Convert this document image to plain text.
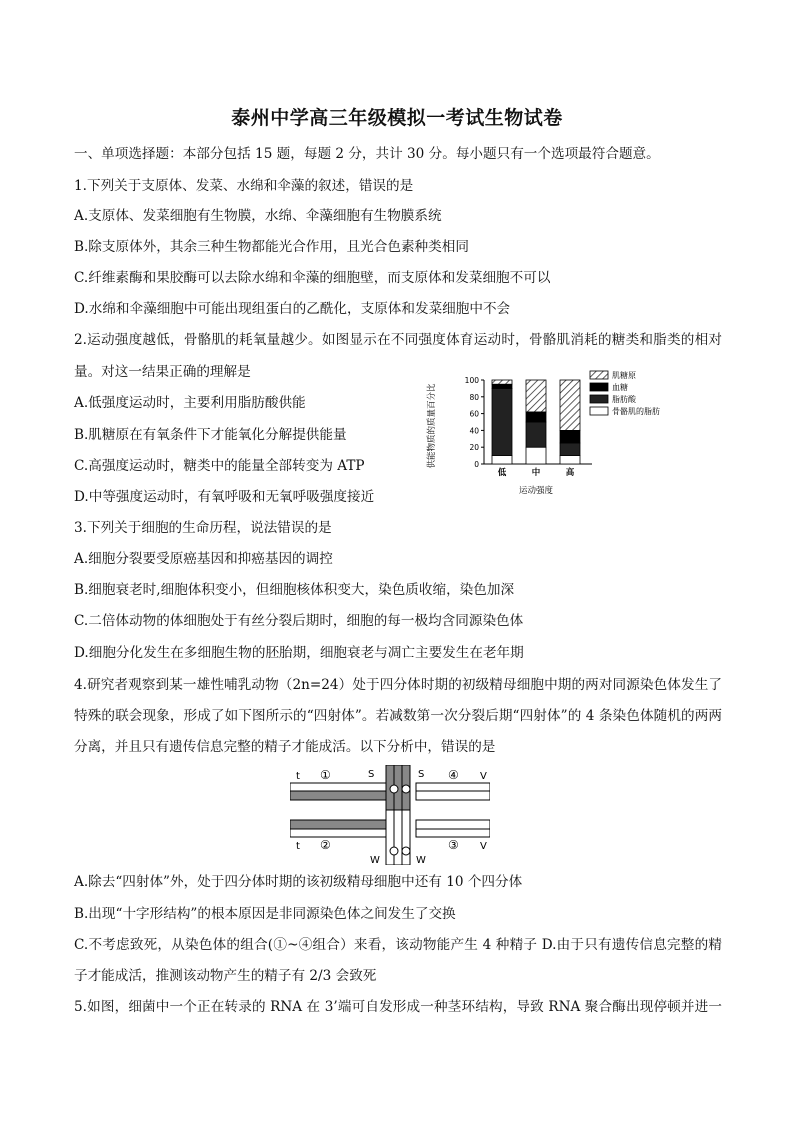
泰州中学高三年级模拟一考试生物试卷
一、单项选择题：本部分包括 15 题，每题 2 分，共计 30 分。每小题只有一个选项最符合题意。
1.下列关于支原体、发菜、水绵和伞藻的叙述，错误的是
A.支原体、发菜细胞有生物膜，水绵、伞藻细胞有生物膜系统
B.除支原体外，其余三种生物都能光合作用，且光合色素种类相同
C.纤维素酶和果胶酶可以去除水绵和伞藻的细胞壁，而支原体和发菜细胞不可以
D.水绵和伞藻细胞中可能出现组蛋白的乙酰化，支原体和发菜细胞中不会
2.运动强度越低，骨骼肌的耗氧量越少。如图显示在不同强度体育运动时，骨骼肌消耗的糖类和脂类的相对
量。对这一结果正确的理解是
A.低强度运动时，主要利用脂肪酸供能
B.肌糖原在有氧条件下才能氧化分解提供能量
C.高强度运动时，糖类中的能量全部转变为 ATP
D.中等强度运动时，有氧呼吸和无氧呼吸强度接近
供能物质的质量百分比	0
20
40
60
80
100
低	中	高
运动强度
肌糖原
血糖
脂肪酸
骨骼肌的脂肪
3.下列关于细胞的生命历程，说法错误的是
A.细胞分裂要受原癌基因和抑癌基因的调控
B.细胞衰老时,细胞体积变小，但细胞核体积变大，染色质收缩，染色加深
C.二倍体动物的体细胞处于有丝分裂后期时，细胞的每一极均含同源染色体
D.细胞分化发生在多细胞生物的胚胎期，细胞衰老与凋亡主要发生在老年期
4.研究者观察到某一雄性哺乳动物（2n=24）处于四分体时期的初级精母细胞中期的两对同源染色体发生了
特殊的联会现象，形成了如下图所示的“四射体”。若减数第一次分裂后期“四射体”的 4 条染色体随机的两两
分离，并且只有遗传信息完整的精子才能成活。以下分析中，错误的是
t ①	S	S ④ V
t ②
W	W
③ V
A.除去“四射体”外，处于四分体时期的该初级精母细胞中还有 10 个四分体
B.出现“十字形结构”的根本原因是非同源染色体之间发生了交换
C.不考虑致死，从染色体的组合(①~④组合）来看，该动物能产生 4 种精子 D.由于只有遗传信息完整的精
子才能成活，推测该动物产生的精子有 2/3 会致死
5.如图，细菌中一个正在转录的 RNA 在 3’端可自发形成一种茎环结构，导致 RNA 聚合酶出现停顿并进一
